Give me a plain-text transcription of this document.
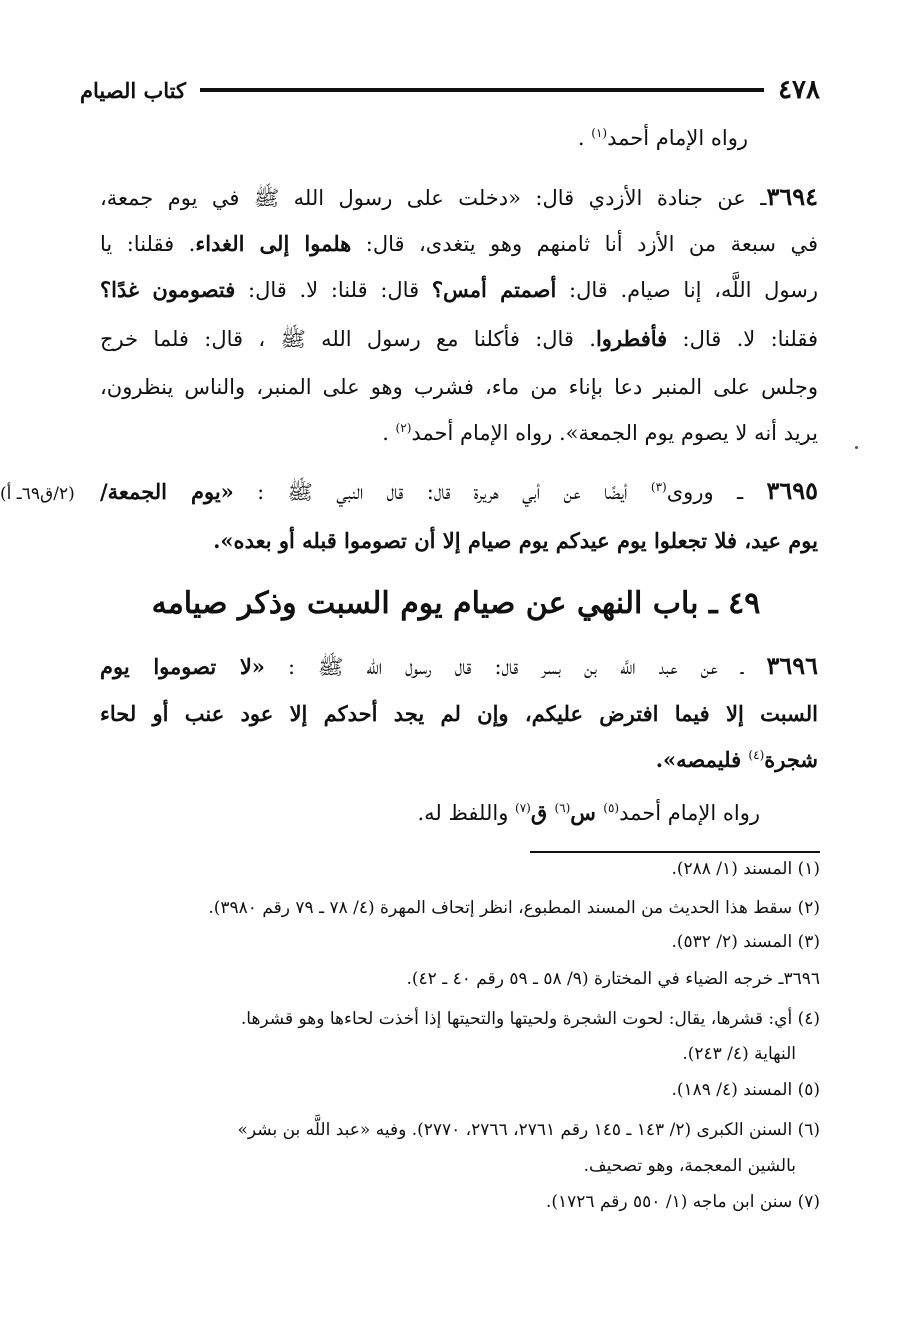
٤٧٨
كتاب الصيام
رواه الإمام أحمد$^{(١)}$ .
٣٦٩٤ـ عن جنادة الأزدي قال: «دخلت على رسول الله ﷺ في يوم جمعة،
في سبعة من الأزد أنا ثامنهم وهو يتغدى، قال: هلموا إلى الغداء. فقلنا: يا
رسول اللَّه، إنا صيام. قال: أصمتم أمس؟ قال: قلنا: لا. قال: فتصومون غدًا؟
فقلنا: لا. قال: فأفطروا. قال: فأكلنا مع رسول الله ﷺ ، قال: فلما خرج
وجلس على المنبر دعا بإناء من ماء، فشرب وهو على المنبر، والناس ينظرون،
يريد أنه لا يصوم يوم الجمعة». رواه الإمام أحمد$^{(٢)}$ .
(٢/ق٦٩ـ أ)	٣٦٩٥ ـ وروى$^{(٣)}$ أيضًا عن أبي هريرة قال: قال النبي ﷺ : «يوم الجمعة/
يوم عيد، فلا تجعلوا يوم عيدكم يوم صيام إلا أن تصوموا قبله أو بعده».
٤٩ ـ باب النهي عن صيام يوم السبت وذكر صيامه
٣٦٩٦ ـ عن عبد اللَّه بن بسر قال: قال رسول الله ﷺ : «لا تصوموا يوم
السبت إلا فيما افترض عليكم، وإن لم يجد أحدكم إلا عود عنب أو لحاء
شجرة$^{(٤)}$ فليمصه».
رواه الإمام أحمد$^{(٥)}$ س$^{(٦)}$ ق$^{(٧)}$ واللفظ له.
(١) المسند (١/ ٢٨٨).
(٢) سقط هذا الحديث من المسند المطبوع، انظر إتحاف المهرة (٤/ ٧٨ ـ ٧٩ رقم ٣٩٨٠).
(٣) المسند (٢/ ٥٣٢).
٣٦٩٦ـ خرجه الضياء في المختارة (٩/ ٥٨ ـ ٥٩ رقم ٤٠ ـ ٤٢).
(٤) أي: قشرها، يقال: لحوت الشجرة ولحيتها والتحيتها إذا أخذت لحاءها وهو قشرها.
النهاية (٤/ ٢٤٣).
(٥) المسند (٤/ ١٨٩).
(٦) السنن الكبرى (٢/ ١٤٣ ـ ١٤٥ رقم ٢٧٦١، ٢٧٦٦، ٢٧٧٠). وفيه «عبد اللَّه بن بشر»
بالشين المعجمة، وهو تصحيف.
(٧) سنن ابن ماجه (١/ ٥٥٠ رقم ١٧٢٦).
